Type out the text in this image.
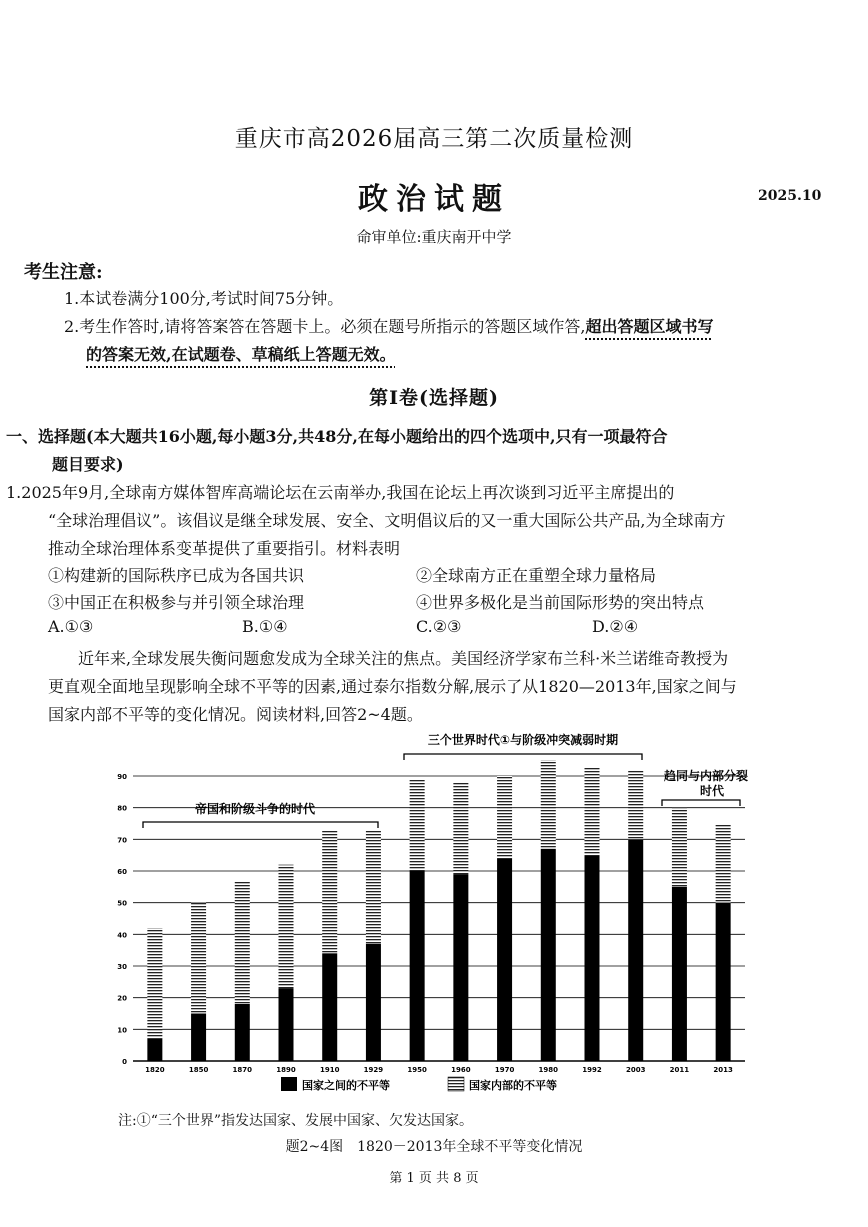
重庆市高2026届高三第二次质量检测
政治试题	2025.10
命审单位:重庆南开中学
考生注意:
1.本试卷满分100分,考试时间75分钟。
2.考生作答时,请将答案答在答题卡上。必须在题号所指示的答题区域作答,超出答题区域书写
的答案无效,在试题卷、草稿纸上答题无效。
第Ⅰ卷(选择题)
一、选择题(本大题共16小题,每小题3分,共48分,在每小题给出的四个选项中,只有一项最符合
题目要求)
1.2025年9月,全球南方媒体智库高端论坛在云南举办,我国在论坛上再次谈到习近平主席提出的
“全球治理倡议”。该倡议是继全球发展、安全、文明倡议后的又一重大国际公共产品,为全球南方
推动全球治理体系变革提供了重要指引。材料表明
①构建新的国际秩序已成为各国共识	②全球南方正在重塑全球力量格局
③中国正在积极参与并引领全球治理	④世界多极化是当前国际形势的突出特点
A.①③	B.①④	C.②③	D.②④
近年来,全球发展失衡问题愈发成为全球关注的焦点。美国经济学家布兰科·米兰诺维奇教授为
更直观全面地呈现影响全球不平等的因素,通过泰尔指数分解,展示了从1820—2013年,国家之间与
国家内部不平等的变化情况。阅读材料,回答2~4题。
0
10
20
30
40
50
60
70
80
90
1820	1850	1870	1890	1910	1929	1950	1960	1970	1980	1992	2003	2011	2013
帝国和阶级斗争的时代
三个世界时代①与阶级冲突减弱时期
趋同与内部分裂
时代
国家之间的不平等	国家内部的不平等
注:①“三个世界”指发达国家、发展中国家、欠发达国家。
题2~4图　1820－2013年全球不平等变化情况
第 1 页 共 8 页
